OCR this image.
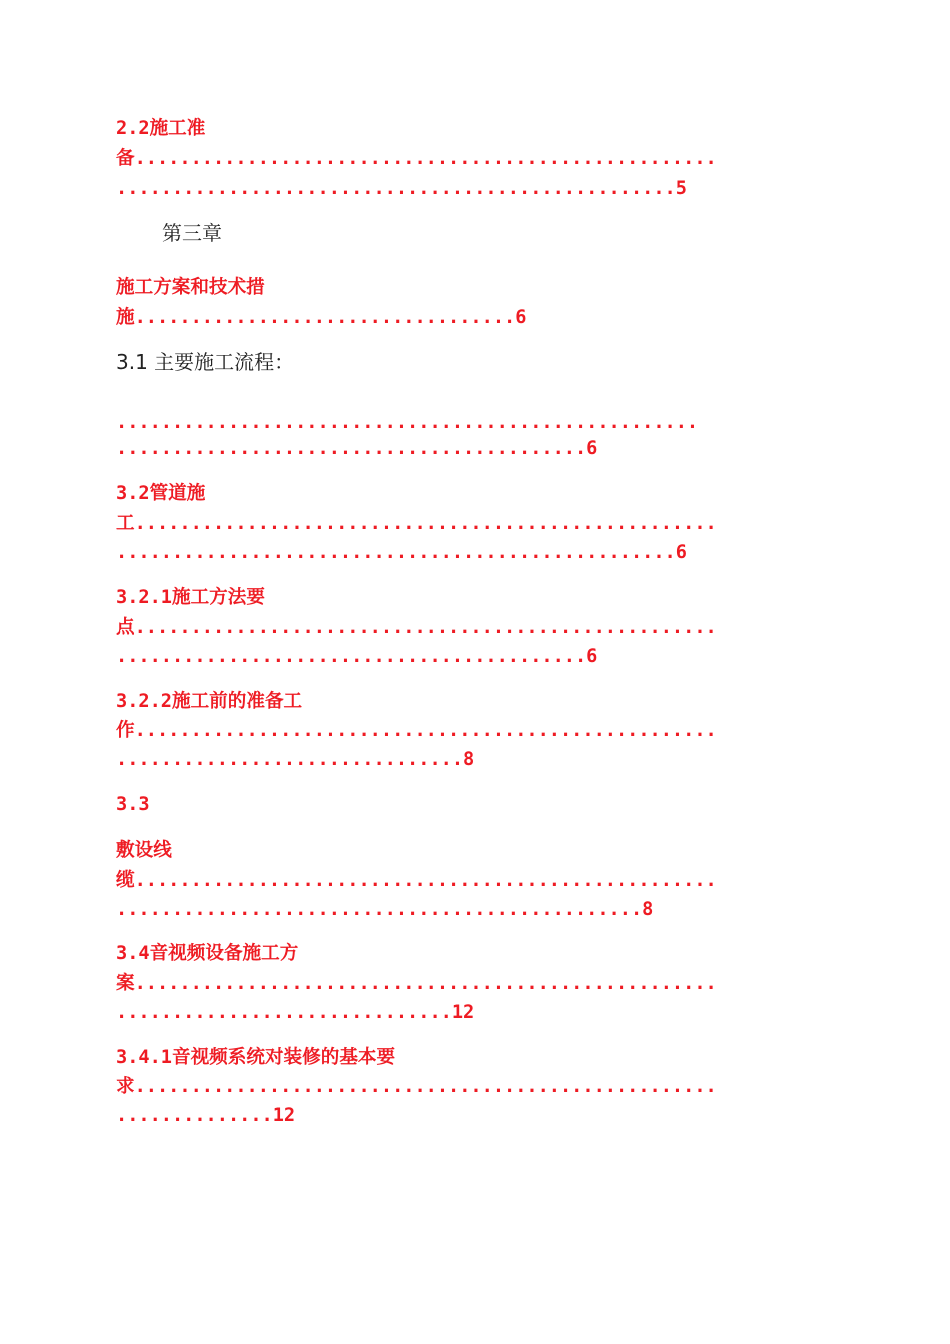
2.2施工准
备....................................................
..................................................5
第三章
施工方案和技术措
施..................................6
3.1 主要施工流程：
....................................................
..........................................6
3.2管道施
工....................................................
..................................................6
3.2.1施工方法要
点....................................................
..........................................6
3.2.2施工前的准备工
作....................................................
...............................8
3.3
敷设线
缆....................................................
...............................................8
3.4音视频设备施工方
案....................................................
..............................12
3.4.1音视频系统对装修的基本要
求....................................................
..............12
